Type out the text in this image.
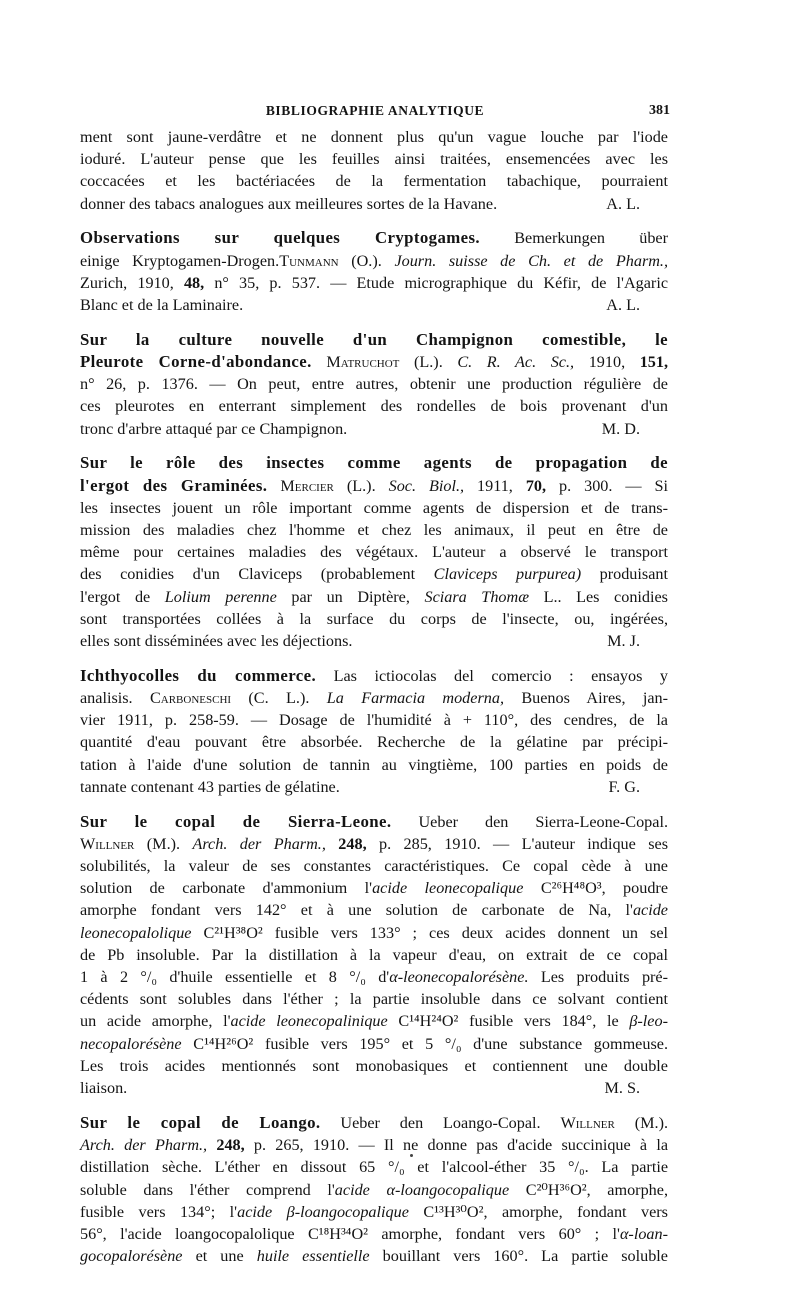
BIBLIOGRAPHIE ANALYTIQUE	381
ment sont jaune-verdâtre et ne donnent plus qu'un vague louche par l'iode
ioduré. L'auteur pense que les feuilles ainsi traitées, ensemencées avec les
coccacées et les bactériacées de la fermentation tabachique, pourraient
donner des tabacs analogues aux meilleures sortes de la Havane.	A. L.
Observations sur quelques Cryptogames. Bemerkungen über
einige Kryptogamen-Drogen.Tunmann (O.). Journ. suisse de Ch. et de Pharm.,
Zurich, 1910, 48, n° 35, p. 537. — Etude micrographique du Kéfir, de l'Agaric
Blanc et de la Laminaire.	A. L.
Sur la culture nouvelle d'un Champignon comestible, le
Pleurote Corne-d'abondance. Matruchot (L.). C. R. Ac. Sc., 1910, 151,
n° 26, p. 1376. — On peut, entre autres, obtenir une production régulière de
ces pleurotes en enterrant simplement des rondelles de bois provenant d'un
tronc d'arbre attaqué par ce Champignon.	M. D.
Sur le rôle des insectes comme agents de propagation de
l'ergot des Graminées. Mercier (L.). Soc. Biol., 1911, 70, p. 300. — Si
les insectes jouent un rôle important comme agents de dispersion et de trans-
mission des maladies chez l'homme et chez les animaux, il peut en être de
même pour certaines maladies des végétaux. L'auteur a observé le transport
des conidies d'un Claviceps (probablement Claviceps purpurea) produisant
l'ergot de Lolium perenne par un Diptère, Sciara Thomæ L.. Les conidies
sont transportées collées à la surface du corps de l'insecte, ou, ingérées,
elles sont disséminées avec les déjections.	M. J.
Ichthyocolles du commerce. Las ictiocolas del comercio : ensayos y
analisis. Carboneschi (C. L.). La Farmacia moderna, Buenos Aires, jan-
vier 1911, p. 258-59. — Dosage de l'humidité à + 110°, des cendres, de la
quantité d'eau pouvant être absorbée. Recherche de la gélatine par précipi-
tation à l'aide d'une solution de tannin au vingtième, 100 parties en poids de
tannate contenant 43 parties de gélatine.	F. G.
Sur le copal de Sierra-Leone. Ueber den Sierra-Leone-Copal.
Willner (M.). Arch. der Pharm., 248, p. 285, 1910. — L'auteur indique ses
solubilités, la valeur de ses constantes caractéristiques. Ce copal cède à une
solution de carbonate d'ammonium l'acide leonecopalique C²⁶H⁴⁸O³, poudre
amorphe fondant vers 142° et à une solution de carbonate de Na, l'acide
leonecopalolique C²¹H³⁸O² fusible vers 133° ; ces deux acides donnent un sel
de Pb insoluble. Par la distillation à la vapeur d'eau, on extrait de ce copal
1 à 2 °/₀ d'huile essentielle et 8 °/₀ d'α-leonecopalorésène. Les produits pré-
cédents sont solubles dans l'éther ; la partie insoluble dans ce solvant contient
un acide amorphe, l'acide leonecopalinique C¹⁴H²⁴O² fusible vers 184°, le β-leo-
necopalorésène C¹⁴H²⁶O² fusible vers 195° et 5 °/₀ d'une substance gommeuse.
Les trois acides mentionnés sont monobasiques et contiennent une double
liaison.	M. S.
Sur le copal de Loango. Ueber den Loango-Copal. Willner (M.).
Arch. der Pharm., 248, p. 265, 1910. — Il ne donne pas d'acide succinique à la
distillation sèche. L'éther en dissout 65 °/₀ et l'alcool-éther 35 °/₀. La partie
soluble dans l'éther comprend l'acide α-loangocopalique C²⁰H³⁶O², amorphe,
fusible vers 134°; l'acide β-loangocopalique C¹³H³⁰O², amorphe, fondant vers
56°, l'acide loangocopalolique C¹⁸H³⁴O² amorphe, fondant vers 60° ; l'α-loan-
gocopalorésène et une huile essentielle bouillant vers 160°. La partie soluble
